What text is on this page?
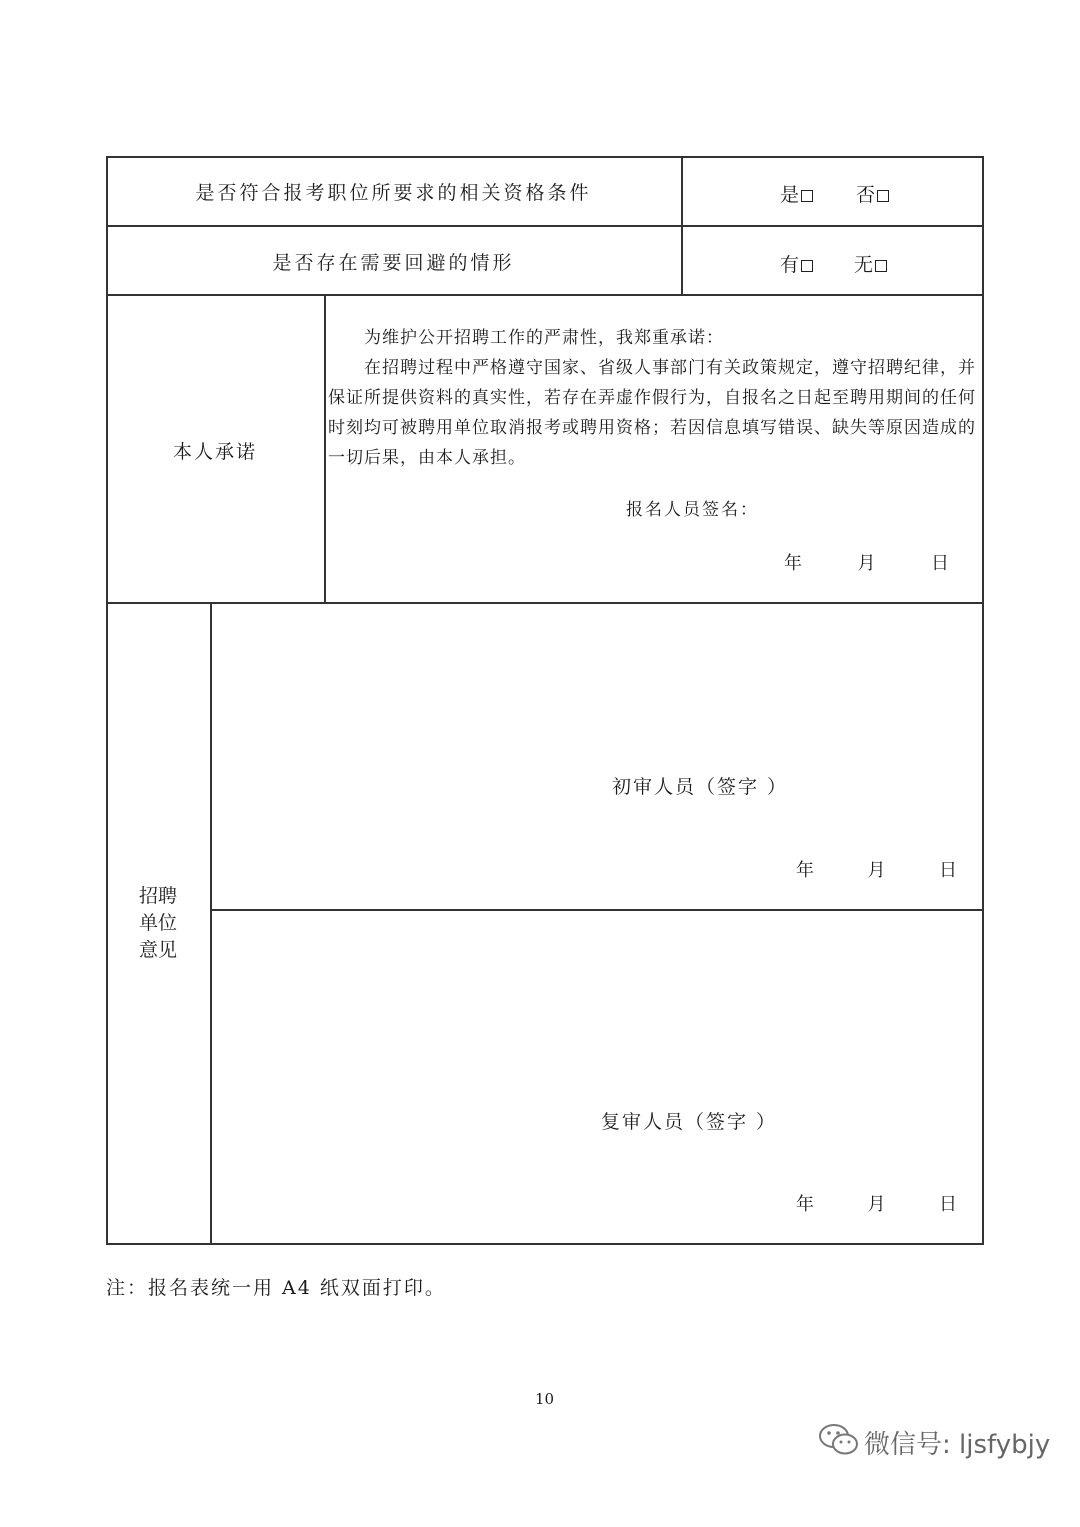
是否符合报考职位所要求的相关资格条件	是	否
是否存在需要回避的情形	有	无
本人承诺

为维护公开招聘工作的严肃性，我郑重承诺：

在招聘过程中严格遵守国家、省级人事部门有关政策规定，遵守招聘纪律，并

保证所提供资料的真实性，若存在弄虚作假行为，自报名之日起至聘用期间的任何

时刻均可被聘用单位取消报考或聘用资格；若因信息填写错误、缺失等原因造成的

一切后果，由本人承担。

报名人员签名：
年	月	日
招聘
单位
意见
初审人员（签字 ）
年	月	日
复审人员（签字 ）
年	月	日
注：报名表统一用 A4 纸双面打印。
10
微信号: ljsfybjy
